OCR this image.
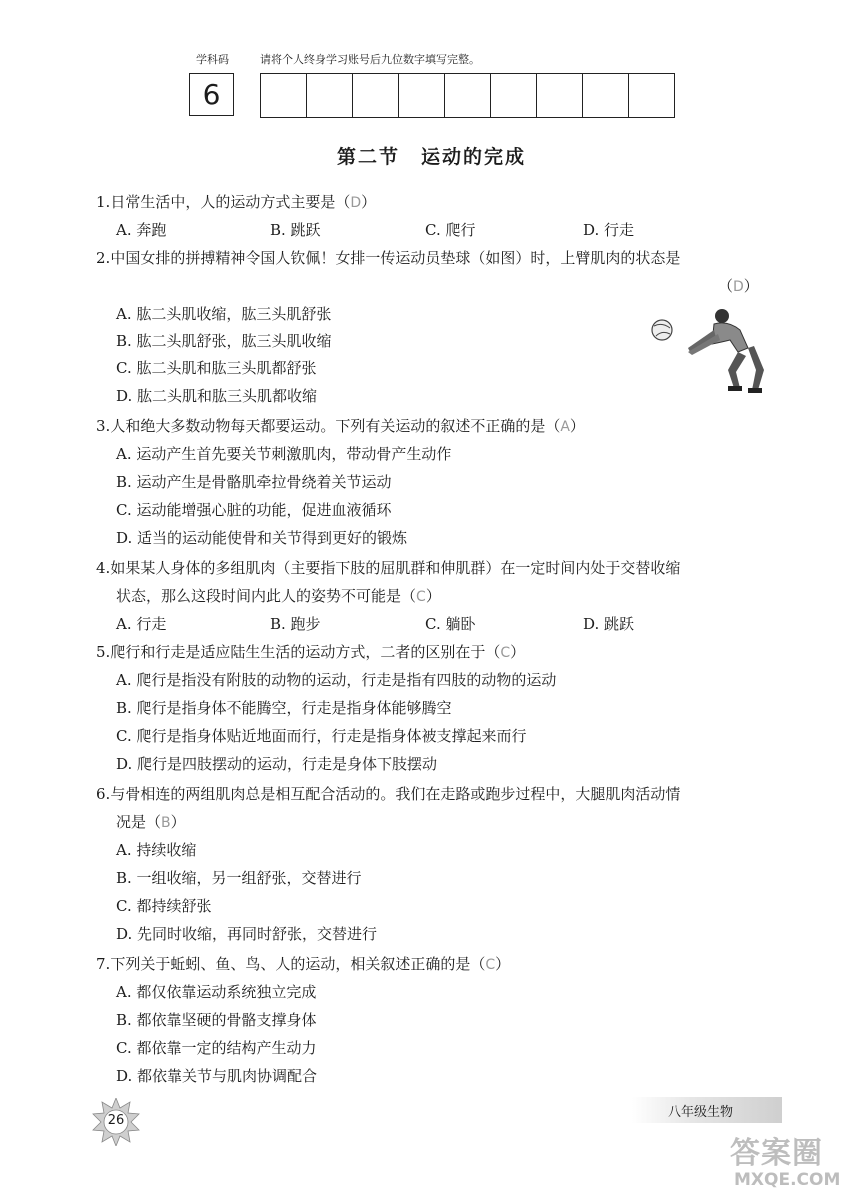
学科码	请将个人终身学习账号后九位数字填写完整。
6
第二节　运动的完成
1.日常生活中，人的运动方式主要是（D）
A. 奔跑	B. 跳跃	C. 爬行	D. 行走
2.中国女排的拼搏精神令国人钦佩！女排一传运动员垫球（如图）时，上臂肌肉的状态是
（D）
A. 肱二头肌收缩，肱三头肌舒张
B. 肱二头肌舒张，肱三头肌收缩
C. 肱二头肌和肱三头肌都舒张
D. 肱二头肌和肱三头肌都收缩
3.人和绝大多数动物每天都要运动。下列有关运动的叙述不正确的是（A）
A. 运动产生首先要关节刺激肌肉，带动骨产生动作
B. 运动产生是骨骼肌牵拉骨绕着关节运动
C. 运动能增强心脏的功能，促进血液循环
D. 适当的运动能使骨和关节得到更好的锻炼
4.如果某人身体的多组肌肉（主要指下肢的屈肌群和伸肌群）在一定时间内处于交替收缩
状态，那么这段时间内此人的姿势不可能是（C）
A. 行走	B. 跑步	C. 躺卧	D. 跳跃
5.爬行和行走是适应陆生生活的运动方式，二者的区别在于（C）
A. 爬行是指没有附肢的动物的运动，行走是指有四肢的动物的运动
B. 爬行是指身体不能腾空，行走是指身体能够腾空
C. 爬行是指身体贴近地面而行，行走是指身体被支撑起来而行
D. 爬行是四肢摆动的运动，行走是身体下肢摆动
6.与骨相连的两组肌肉总是相互配合活动的。我们在走路或跑步过程中，大腿肌肉活动情
况是（B）
A. 持续收缩
B. 一组收缩，另一组舒张，交替进行
C. 都持续舒张
D. 先同时收缩，再同时舒张，交替进行
7.下列关于蚯蚓、鱼、鸟、人的运动，相关叙述正确的是（C）
A. 都仅依靠运动系统独立完成
B. 都依靠坚硬的骨骼支撑身体
C. 都依靠一定的结构产生动力
D. 都依靠关节与肌肉协调配合
26
八年级生物
答案圈
MXQE.COM
